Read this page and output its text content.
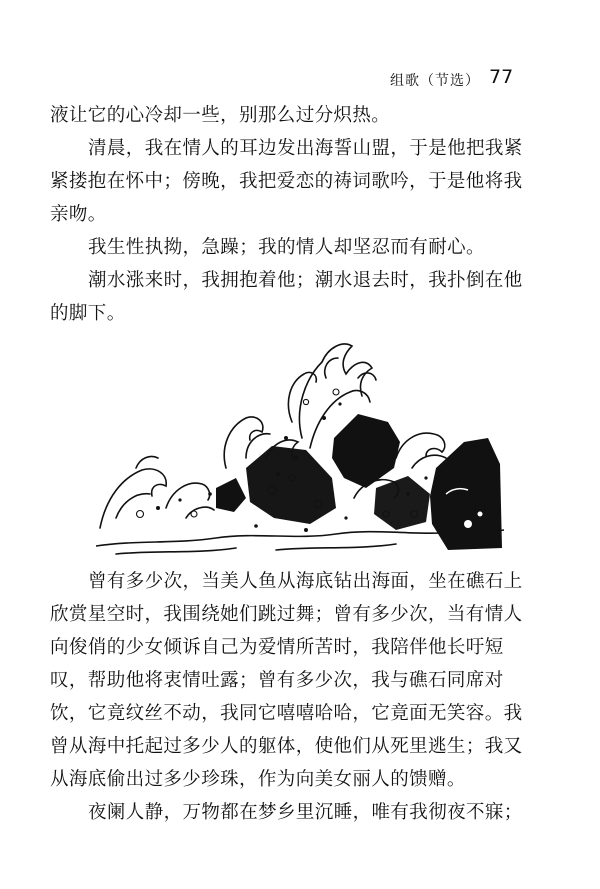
组歌（节选） 77
液让它的心冷却一些，别那么过分炽热。
清晨，我在情人的耳边发出海誓山盟，于是他把我紧
紧搂抱在怀中；傍晚，我把爱恋的祷词歌吟，于是他将我
亲吻。
我生性执拗，急躁；我的情人却坚忍而有耐心。
潮水涨来时，我拥抱着他；潮水退去时，我扑倒在他
的脚下。
曾有多少次，当美人鱼从海底钻出海面，坐在礁石上
欣赏星空时，我围绕她们跳过舞；曾有多少次，当有情人
向俊俏的少女倾诉自己为爱情所苦时，我陪伴他长吁短
叹，帮助他将衷情吐露；曾有多少次，我与礁石同席对
饮，它竟纹丝不动，我同它嘻嘻哈哈，它竟面无笑容。我
曾从海中托起过多少人的躯体，使他们从死里逃生；我又
从海底偷出过多少珍珠，作为向美女丽人的馈赠。
夜阑人静，万物都在梦乡里沉睡，唯有我彻夜不寐；
